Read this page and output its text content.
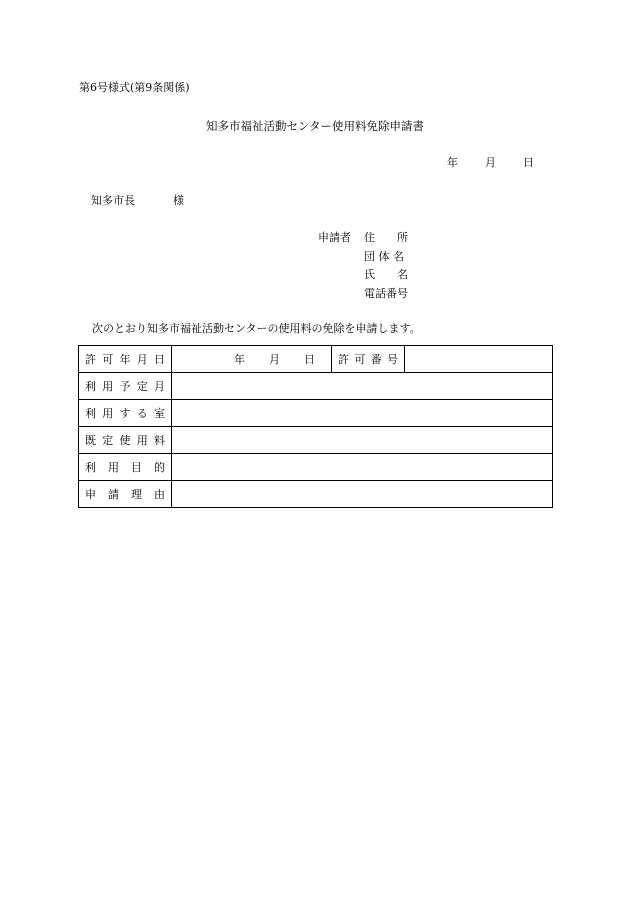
第6号様式(第9条関係)
知多市福祉活動センター使用料免除申請書
年 月 日
知多市長	様
申請者	住　　所
団 体 名
氏　　名
電話番号
次のとおり知多市福祉活動センターの使用料の免除を申請します。
許 可 年 月 日	年 月 日	許 可 番 号	

利 用 予 定 月			

利 用 す る 室			

既 定 使 用 料			

利 用 目 的			

申 請 理 由			
